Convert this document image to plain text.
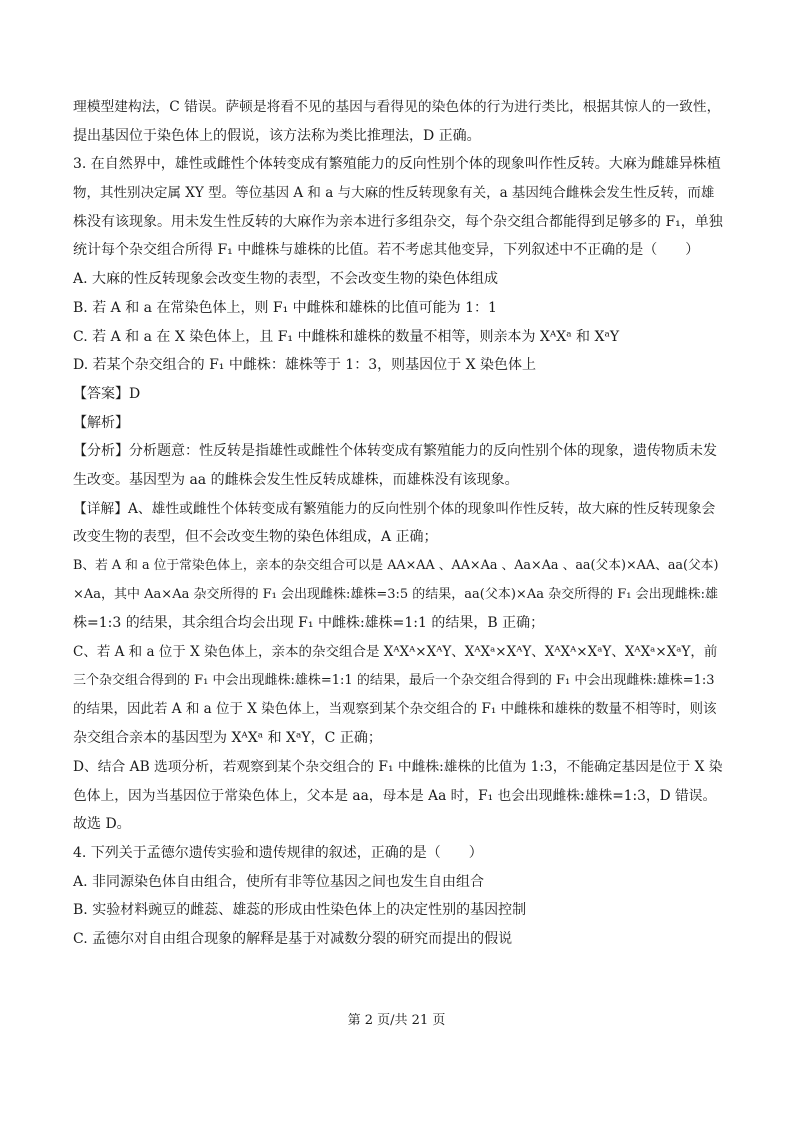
理模型建构法，C 错误。萨顿是将看不见的基因与看得见的染色体的行为进行类比，根据其惊人的一致性，
提出基因位于染色体上的假说，该方法称为类比推理法，D 正确。
3. 在自然界中，雄性或雌性个体转变成有繁殖能力的反向性别个体的现象叫作性反转。大麻为雌雄异株植
物，其性别决定属 XY 型。等位基因 A 和 a 与大麻的性反转现象有关，a 基因纯合雌株会发生性反转，而雄
株没有该现象。用未发生性反转的大麻作为亲本进行多组杂交，每个杂交组合都能得到足够多的 F₁，单独
统计每个杂交组合所得 F₁ 中雌株与雄株的比值。若不考虑其他变异，下列叙述中不正确的是（　　）
A. 大麻的性反转现象会改变生物的表型，不会改变生物的染色体组成
B. 若 A 和 a 在常染色体上，则 F₁ 中雌株和雄株的比值可能为 1：1
C. 若 A 和 a 在 X 染色体上，且 F₁ 中雌株和雄株的数量不相等，则亲本为 XᴬXᵃ 和 XᵃY
D. 若某个杂交组合的 F₁ 中雌株：雄株等于 1：3，则基因位于 X 染色体上
【答案】D
【解析】
【分析】分析题意：性反转是指雄性或雌性个体转变成有繁殖能力的反向性别个体的现象，遗传物质未发
生改变。基因型为 aa 的雌株会发生性反转成雄株，而雄株没有该现象。
【详解】A、雄性或雌性个体转变成有繁殖能力的反向性别个体的现象叫作性反转，故大麻的性反转现象会
改变生物的表型，但不会改变生物的染色体组成，A 正确；
B、若 A 和 a 位于常染色体上，亲本的杂交组合可以是 AA×AA 、AA×Aa 、Aa×Aa 、aa(父本)×AA、aa(父本)
×Aa，其中 Aa×Aa 杂交所得的 F₁ 会出现雌株:雄株=3:5 的结果，aa(父本)×Aa 杂交所得的 F₁ 会出现雌株:雄
株=1:3 的结果，其余组合均会出现 F₁ 中雌株:雄株=1:1 的结果，B 正确；
C、若 A 和 a 位于 X 染色体上，亲本的杂交组合是 XᴬXᴬ×XᴬY、XᴬXᵃ×XᴬY、XᴬXᴬ×XᵃY、XᴬXᵃ×XᵃY，前
三个杂交组合得到的 F₁ 中会出现雌株:雄株=1:1 的结果，最后一个杂交组合得到的 F₁ 中会出现雌株:雄株=1:3
的结果，因此若 A 和 a 位于 X 染色体上，当观察到某个杂交组合的 F₁ 中雌株和雄株的数量不相等时，则该
杂交组合亲本的基因型为 XᴬXᵃ 和 XᵃY，C 正确；
D、结合 AB 选项分析，若观察到某个杂交组合的 F₁ 中雌株:雄株的比值为 1:3，不能确定基因是位于 X 染
色体上，因为当基因位于常染色体上，父本是 aa，母本是 Aa 时，F₁ 也会出现雌株:雄株=1:3，D 错误。
故选 D。
4. 下列关于孟德尔遗传实验和遗传规律的叙述，正确的是（　　）
A. 非同源染色体自由组合，使所有非等位基因之间也发生自由组合
B. 实验材料豌豆的雌蕊、雄蕊的形成由性染色体上的决定性别的基因控制
C. 孟德尔对自由组合现象的解释是基于对减数分裂的研究而提出的假说
第 2 页/共 21 页
